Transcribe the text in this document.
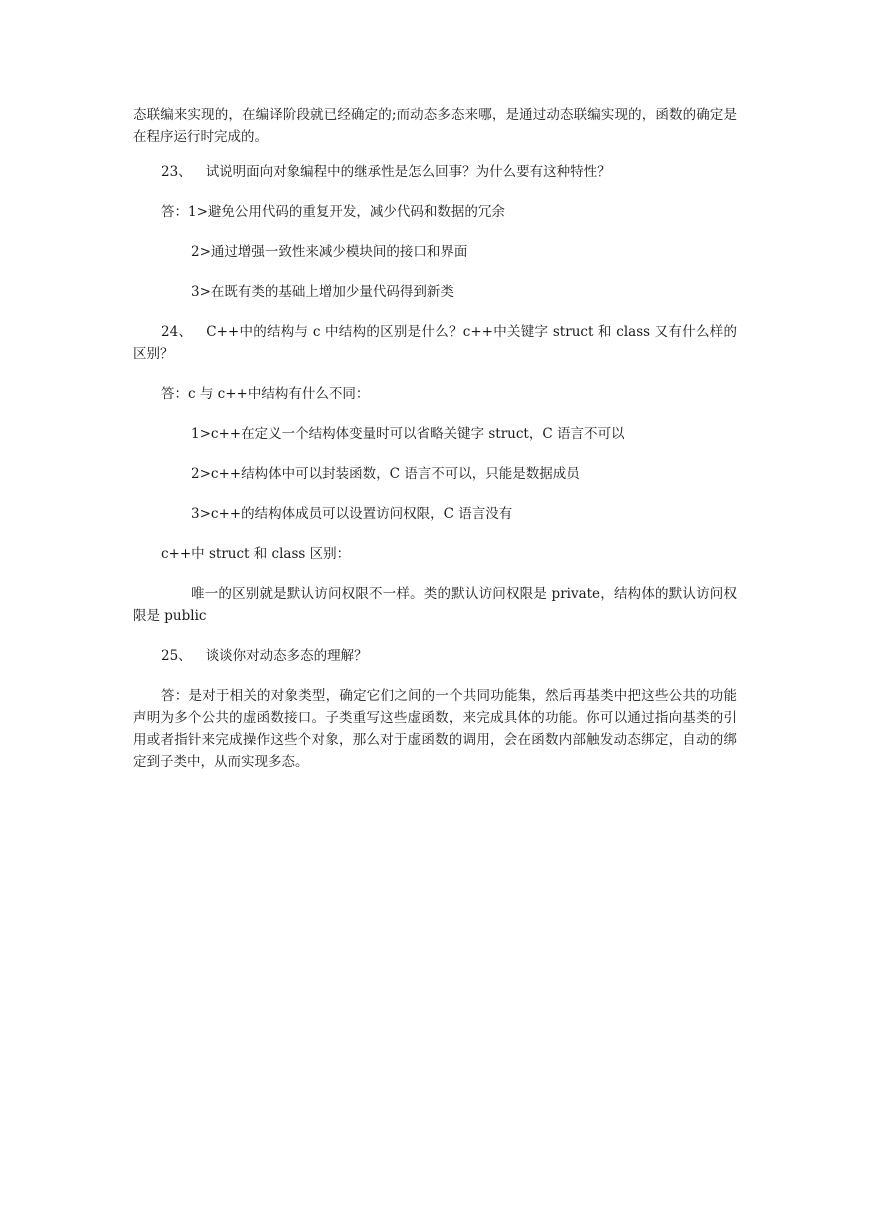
态联编来实现的，在编译阶段就已经确定的;而动态多态来哪，是通过动态联编实现的，函数的确定是在程序运行时完成的。

23、 试说明面向对象编程中的继承性是怎么回事？为什么要有这种特性？

答：1>避免公用代码的重复开发，减少代码和数据的冗余

2>通过增强一致性来减少模块间的接口和界面

3>在既有类的基础上增加少量代码得到新类

24、 C++中的结构与 c 中结构的区别是什么？c++中关键字 struct 和 class 又有什么样的区别？

答：c 与 c++中结构有什么不同：

1>c++在定义一个结构体变量时可以省略关键字 struct，C 语言不可以

2>c++结构体中可以封装函数，C 语言不可以，只能是数据成员

3>c++的结构体成员可以设置访问权限，C 语言没有

c++中 struct 和 class 区别：

唯一的区别就是默认访问权限不一样。类的默认访问权限是 private，结构体的默认访问权限是 public

25、 谈谈你对动态多态的理解？

答：是对于相关的对象类型，确定它们之间的一个共同功能集，然后再基类中把这些公共的功能声明为多个公共的虚函数接口。子类重写这些虚函数，来完成具体的功能。你可以通过指向基类的引用或者指针来完成操作这些个对象，那么对于虚函数的调用，会在函数内部触发动态绑定，自动的绑定到子类中，从而实现多态。
